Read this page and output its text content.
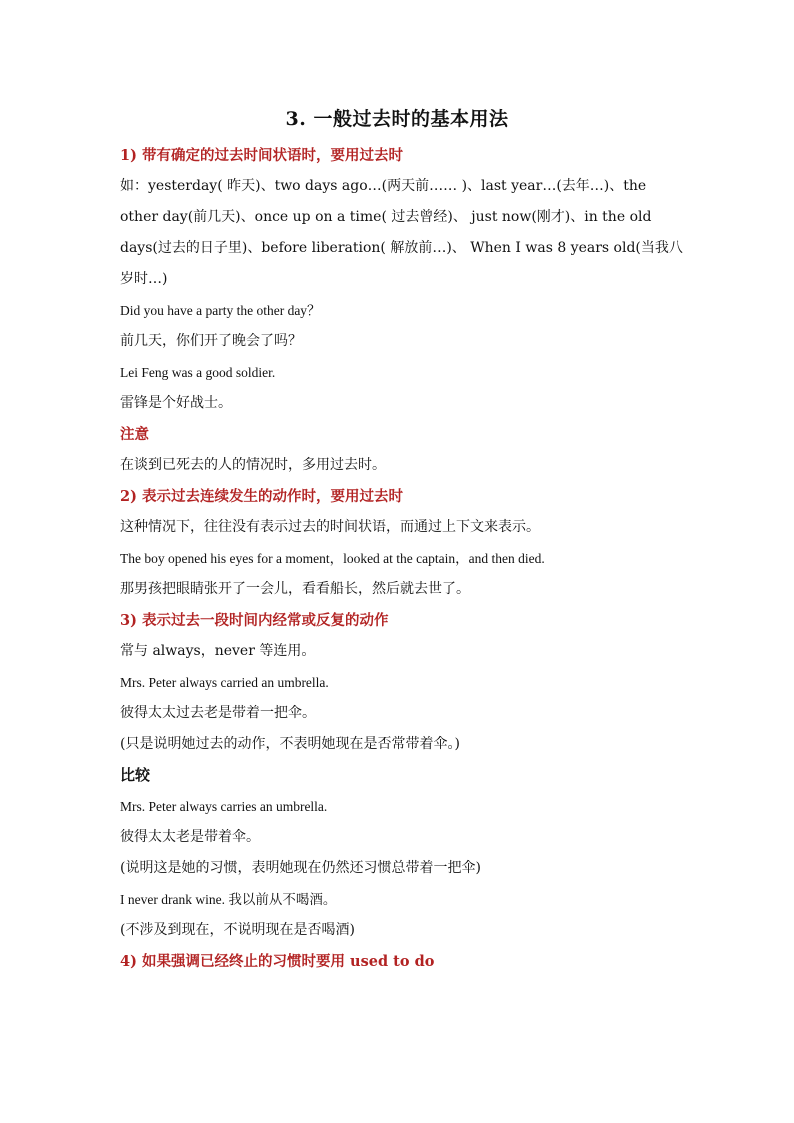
3. 一般过去时的基本用法
1) 带有确定的过去时间状语时，要用过去时
如：yesterday( 昨天)、two days ago…(两天前…… )、last year…(去年…)、the
other day(前几天)、once up on a time( 过去曾经)、 just now(刚才)、in the old
days(过去的日子里)、before liberation( 解放前…)、 When I was 8 years old(当我八
岁时…)
Did you have a party the other day？
前几天，你们开了晚会了吗？
Lei Feng was a good soldier.
雷锋是个好战士。
注意
在谈到已死去的人的情况时，多用过去时。
2) 表示过去连续发生的动作时，要用过去时
这种情况下，往往没有表示过去的时间状语，而通过上下文来表示。
The boy opened his eyes for a moment，looked at the captain，and then died.
那男孩把眼睛张开了一会儿，看看船长，然后就去世了。
3) 表示过去一段时间内经常或反复的动作
常与 always，never 等连用。
Mrs. Peter always carried an umbrella.
彼得太太过去老是带着一把伞。
(只是说明她过去的动作，不表明她现在是否常带着伞。)
比较
Mrs. Peter always carries an umbrella.
彼得太太老是带着伞。
(说明这是她的习惯，表明她现在仍然还习惯总带着一把伞)
I never drank wine. 我以前从不喝酒。
(不涉及到现在，不说明现在是否喝酒)
4) 如果强调已经终止的习惯时要用 used to do
